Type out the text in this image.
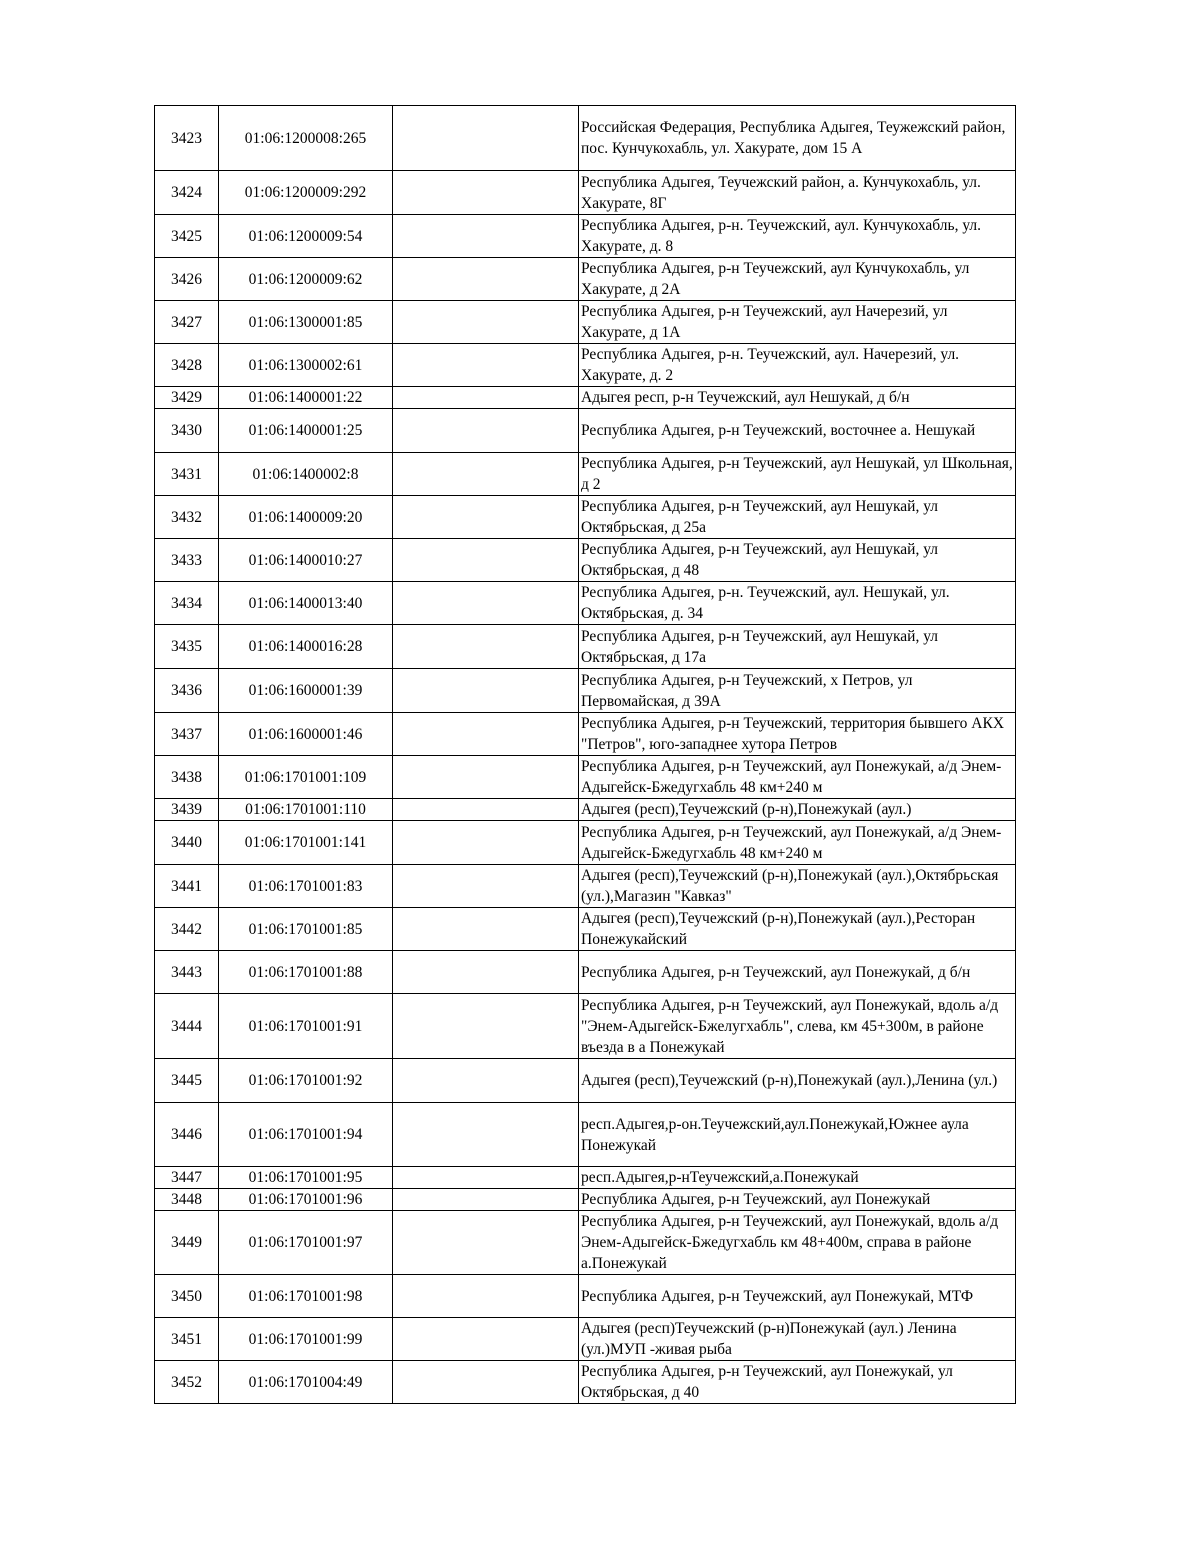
3423	01:06:1200008:265		Российская Федерация, Республика Адыгея, Теужежский район, пос. Кунчукохабль, ул. Хакурате, дом 15 А
3424	01:06:1200009:292		Республика Адыгея, Теучежский район, а. Кунчукохабль, ул. Хакурате, 8Г
3425	01:06:1200009:54		Республика Адыгея, р-н. Теучежский, аул. Кунчукохабль, ул. Хакурате, д. 8
3426	01:06:1200009:62		Республика Адыгея, р-н Теучежский, аул Кунчукохабль, ул Хакурате, д 2А
3427	01:06:1300001:85		Республика Адыгея, р-н Теучежский, аул Начерезий, ул Хакурате, д 1А
3428	01:06:1300002:61		Республика Адыгея, р-н. Теучежский, аул. Начерезий, ул. Хакурате, д. 2
3429	01:06:1400001:22		Адыгея респ, р-н Теучежский, аул Нешукай, д б/н
3430	01:06:1400001:25		Республика Адыгея, р-н Теучежский, восточнее а. Нешукай
3431	01:06:1400002:8		Республика Адыгея, р-н Теучежский, аул Нешукай, ул Школьная, д 2
3432	01:06:1400009:20		Республика Адыгея, р-н Теучежский, аул Нешукай, ул Октябрьская, д 25а
3433	01:06:1400010:27		Республика Адыгея, р-н Теучежский, аул Нешукай, ул Октябрьская, д 48
3434	01:06:1400013:40		Республика Адыгея, р-н. Теучежский, аул. Нешукай, ул. Октябрьская, д. 34
3435	01:06:1400016:28		Республика Адыгея, р-н Теучежский, аул Нешукай, ул Октябрьская, д 17а
3436	01:06:1600001:39		Республика Адыгея, р-н Теучежский, х Петров, ул Первомайская, д 39А
3437	01:06:1600001:46		Республика Адыгея, р-н Теучежский, территория бывшего АКХ "Петров", юго-западнее хутора Петров
3438	01:06:1701001:109		Республика Адыгея, р-н Теучежский, аул Понежукай, а/д Энем-Адыгейск-Бжедугхабль 48 км+240 м
3439	01:06:1701001:110		Адыгея (респ),Теучежский (р-н),Понежукай (аул.)
3440	01:06:1701001:141		Республика Адыгея, р-н Теучежский, аул Понежукай, а/д Энем-Адыгейск-Бжедугхабль 48 км+240 м
3441	01:06:1701001:83		Адыгея (респ),Теучежский (р-н),Понежукай (аул.),Октябрьская (ул.),Магазин "Кавказ"
3442	01:06:1701001:85		Адыгея (респ),Теучежский (р-н),Понежукай (аул.),Ресторан Понежукайский
3443	01:06:1701001:88		Республика Адыгея, р-н Теучежский, аул Понежукай, д б/н
3444	01:06:1701001:91		Республика Адыгея, р-н Теучежский, аул Понежукай, вдоль а/д "Энем-Адыгейск-Бжелугхабль", слева, км 45+300м, в районе въезда в а Понежукай
3445	01:06:1701001:92		Адыгея (респ),Теучежский (р-н),Понежукай (аул.),Ленина (ул.)
3446	01:06:1701001:94		респ.Адыгея,р-он.Теучежский,аул.Понежукай,Южнее аула Понежукай
3447	01:06:1701001:95		респ.Адыгея,р-нТеучежский,а.Понежукай
3448	01:06:1701001:96		Республика Адыгея, р-н Теучежский, аул Понежукай
3449	01:06:1701001:97		Республика Адыгея, р-н Теучежский, аул Понежукай, вдоль а/д Энем-Адыгейск-Бжедугхабль км 48+400м, справа в районе а.Понежукай
3450	01:06:1701001:98		Республика Адыгея, р-н Теучежский, аул Понежукай, МТФ
3451	01:06:1701001:99		Адыгея (респ)Теучежский (р-н)Понежукай (аул.) Ленина (ул.)МУП -живая рыба
3452	01:06:1701004:49		Республика Адыгея, р-н Теучежский, аул Понежукай, ул Октябрьская, д 40
